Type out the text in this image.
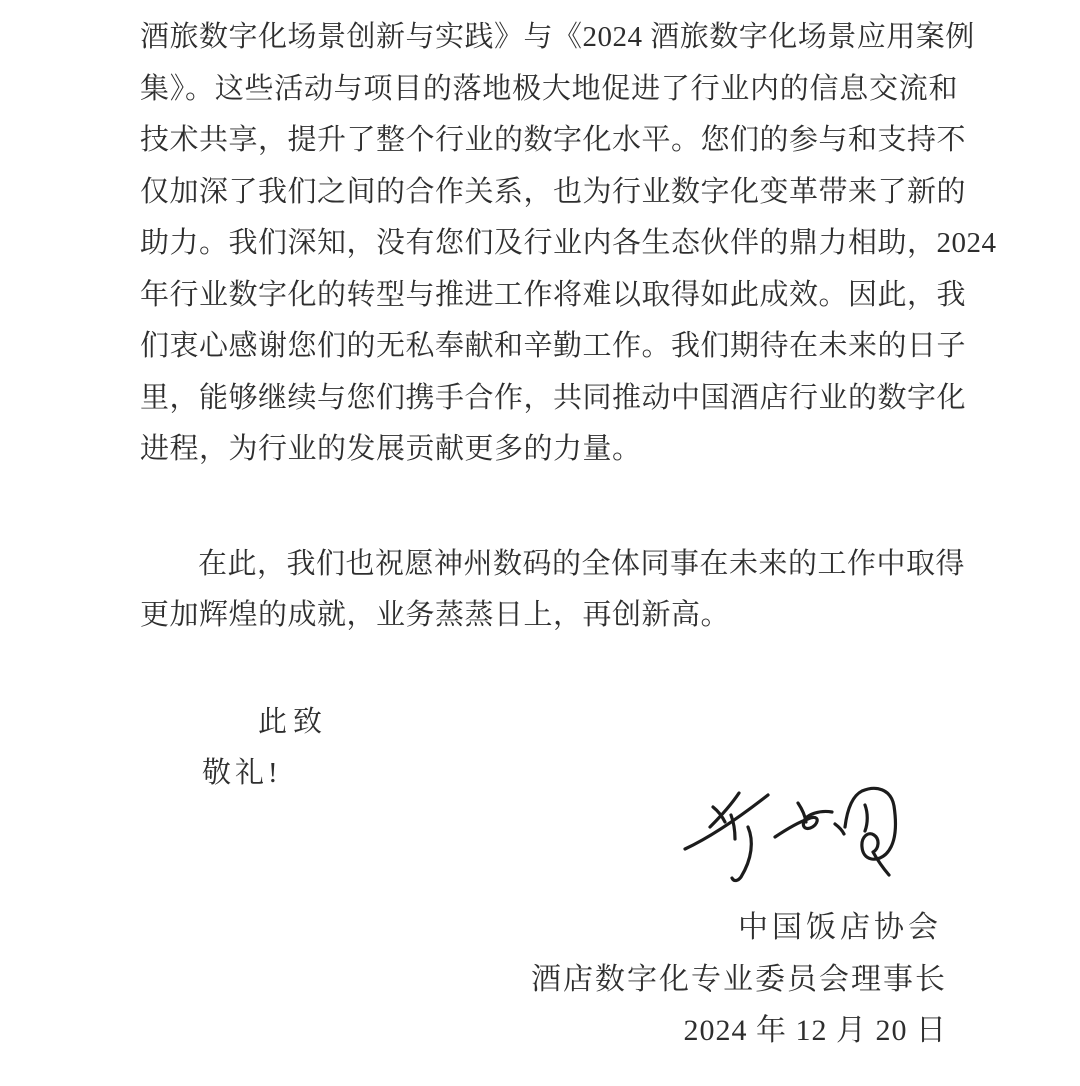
酒旅数字化场景创新与实践》与《2024 酒旅数字化场景应用案例
集》。这些活动与项目的落地极大地促进了行业内的信息交流和
技术共享，提升了整个行业的数字化水平。您们的参与和支持不
仅加深了我们之间的合作关系，也为行业数字化变革带来了新的
助力。我们深知，没有您们及行业内各生态伙伴的鼎力相助，2024
年行业数字化的转型与推进工作将难以取得如此成效。因此，我
们衷心感谢您们的无私奉献和辛勤工作。我们期待在未来的日子
里，能够继续与您们携手合作，共同推动中国酒店行业的数字化
进程，为行业的发展贡献更多的力量。
在此，我们也祝愿神州数码的全体同事在未来的工作中取得
更加辉煌的成就，业务蒸蒸日上，再创新高。
此致
敬礼!
中国饭店协会
酒店数字化专业委员会理事长
2024 年 12 月 20 日
